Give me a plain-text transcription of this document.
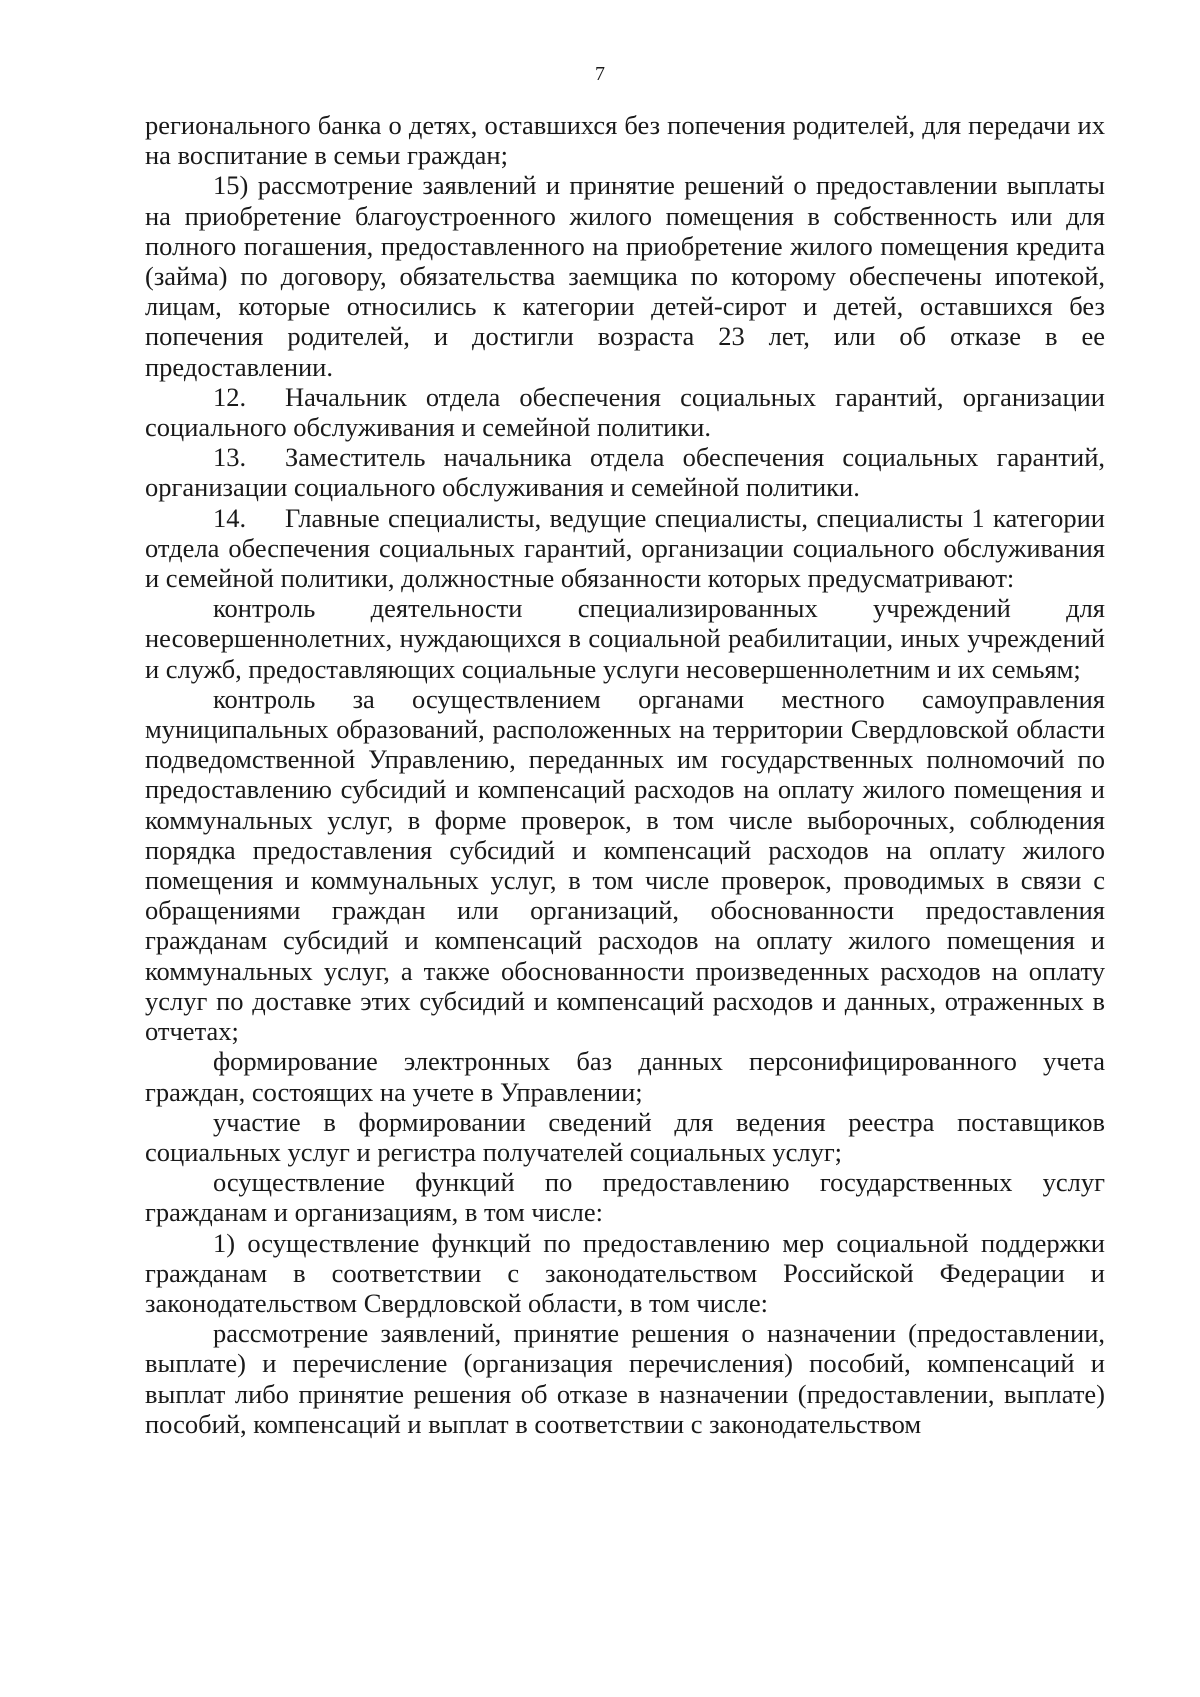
7

регионального банка о детях, оставшихся без попечения родителей, для передачи их на воспитание в семьи граждан;

15) рассмотрение заявлений и принятие решений о предоставлении выплаты на приобретение благоустроенного жилого помещения в собственность или для полного погашения, предоставленного на приобретение жилого помещения кредита (займа) по договору, обязательства заемщика по которому обеспечены ипотекой, лицам, которые относились к категории детей-сирот и детей, оставшихся без попечения родителей, и достигли возраста 23 лет, или об отказе в ее предоставлении.

12. Начальник отдела обеспечения социальных гарантий, организации социального обслуживания и семейной политики.

13. Заместитель начальника отдела обеспечения социальных гарантий, организации социального обслуживания и семейной политики.

14. Главные специалисты, ведущие специалисты, специалисты 1 категории отдела обеспечения социальных гарантий, организации социального обслуживания и семейной политики, должностные обязанности которых предусматривают:

контроль деятельности специализированных учреждений для несовершеннолетних, нуждающихся в социальной реабилитации, иных учреждений и служб, предоставляющих социальные услуги несовершеннолетним и их семьям;

контроль за осуществлением органами местного самоуправления муниципальных образований, расположенных на территории Свердловской области подведомственной Управлению, переданных им государственных полномочий по предоставлению субсидий и компенсаций расходов на оплату жилого помещения и коммунальных услуг, в форме проверок, в том числе выборочных, соблюдения порядка предоставления субсидий и компенсаций расходов на оплату жилого помещения и коммунальных услуг, в том числе проверок, проводимых в связи с обращениями граждан или организаций, обоснованности предоставления гражданам субсидий и компенсаций расходов на оплату жилого помещения и коммунальных услуг, а также обоснованности произведенных расходов на оплату услуг по доставке этих субсидий и компенсаций расходов и данных, отраженных в отчетах;

формирование электронных баз данных персонифицированного учета граждан, состоящих на учете в Управлении;

участие в формировании сведений для ведения реестра поставщиков социальных услуг и регистра получателей социальных услуг;

осуществление функций по предоставлению государственных услуг гражданам и организациям, в том числе:

1) осуществление функций по предоставлению мер социальной поддержки гражданам в соответствии с законодательством Российской Федерации и законодательством Свердловской области, в том числе:

рассмотрение заявлений, принятие решения о назначении (предоставлении, выплате) и перечисление (организация перечисления) пособий, компенсаций и выплат либо принятие решения об отказе в назначении (предоставлении, выплате) пособий, компенсаций и выплат в соответствии с законодательством
